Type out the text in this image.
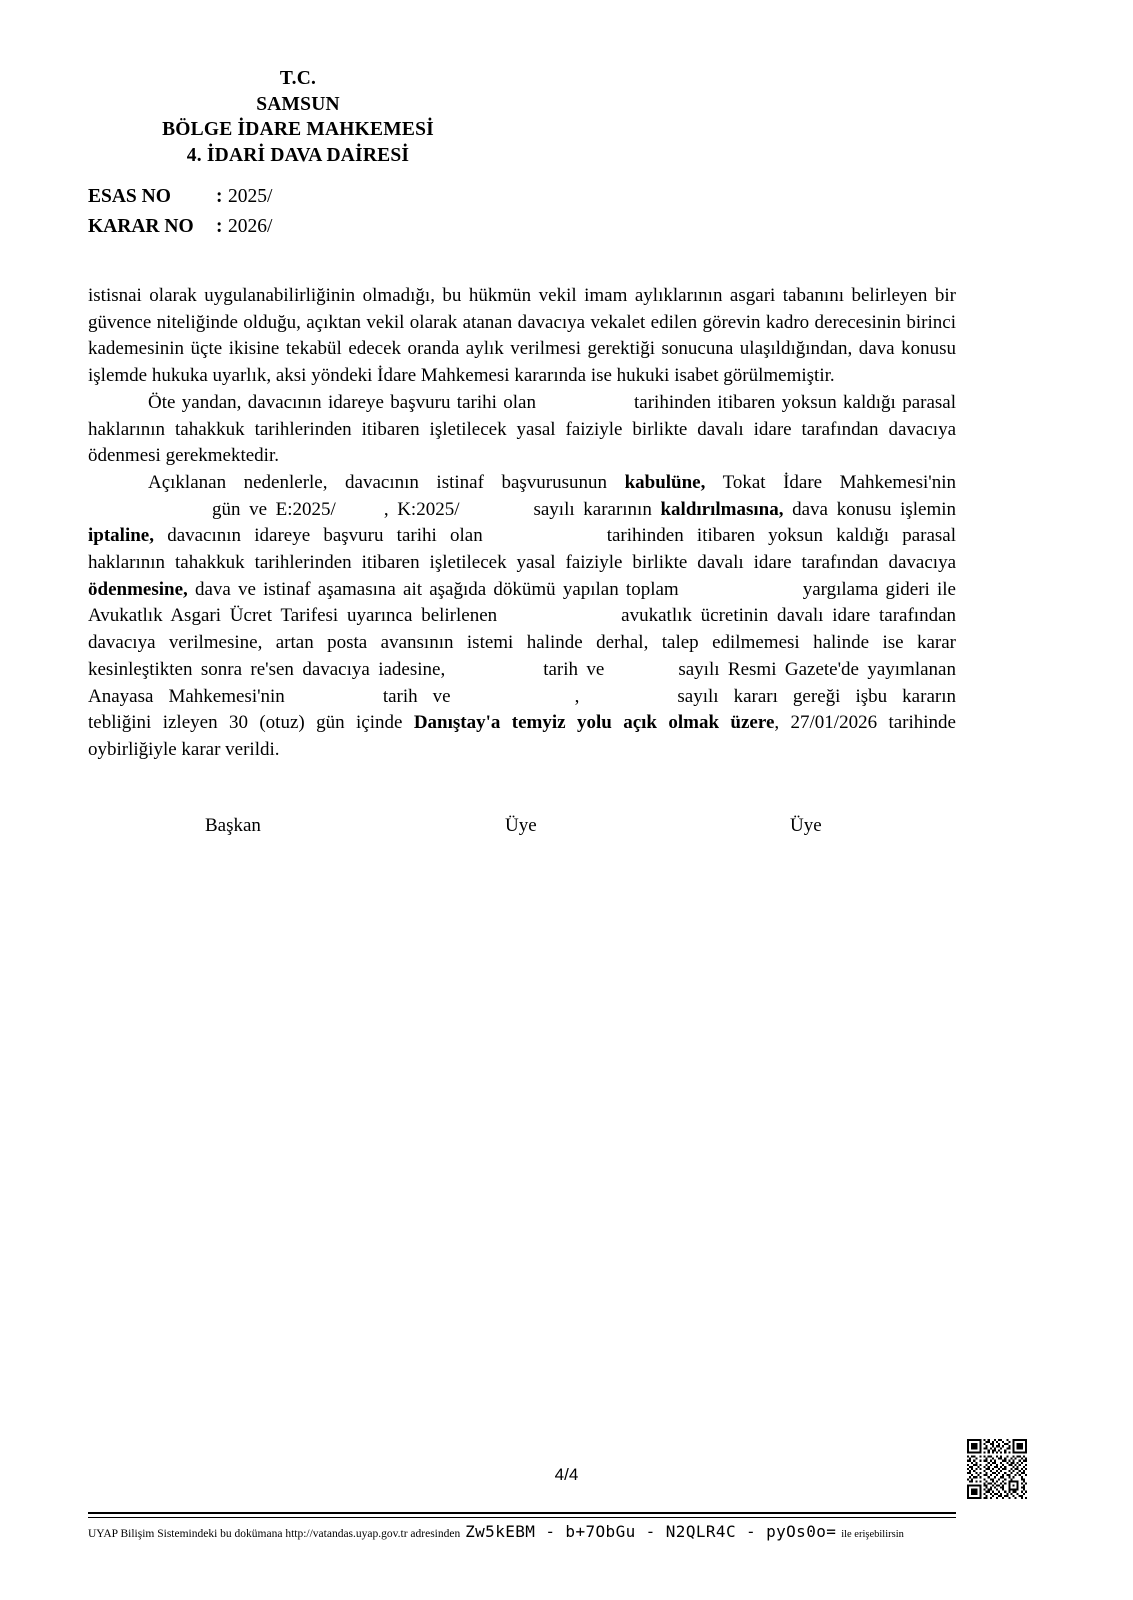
T.C.
SAMSUN
BÖLGE İDARE MAHKEMESİ
4. İDARİ DAVA DAİRESİ
ESAS NO	: 2025/
KARAR NO	: 2026/

istisnai olarak uygulanabilirliğinin olmadığı, bu hükmün vekil imam aylıklarının asgari tabanını belirleyen bir güvence niteliğinde olduğu, açıktan vekil olarak atanan davacıya vekalet edilen görevin kadro derecesinin birinci kademesinin üçte ikisine tekabül edecek oranda aylık verilmesi gerektiği sonucuna ulaşıldığından, dava konusu işlemde hukuka uyarlık, aksi yöndeki İdare Mahkemesi kararında ise hukuki isabet görülmemiştir.

Öte yandan, davacının idareye başvuru tarihi olan	tarihinden itibaren yoksun kaldığı parasal haklarının tahakkuk tarihlerinden itibaren işletilecek yasal faiziyle birlikte davalı idare tarafından davacıya ödenmesi gerekmektedir.

Açıklanan nedenlerle, davacının istinaf başvurusunun kabulüne, Tokat İdare Mahkemesi'ningün ve E:2025/	, K:2025/	sayılı kararının kaldırılmasına, dava konusu işlemin iptaline, davacının idareye başvuru tarihi olan	tarihinden itibaren yoksun kaldığı parasal haklarının tahakkuk tarihlerinden itibaren işletilecek yasal faiziyle birlikte davalı idare tarafından davacıya ödenmesine, dava ve istinaf aşamasına ait aşağıda dökümü yapılan toplam	yargılama gideri ile Avukatlık Asgari Ücret Tarifesi uyarınca belirlenen	avukatlık ücretinin davalı idare tarafından davacıya verilmesine, artan posta avansının istemi halinde derhal, talep edilmemesi halinde ise karar kesinleştikten sonra re'sen davacıya iadesine,	tarih ve	sayılı Resmi Gazete'de yayımlanan Anayasa Mahkemesi'nin	tarih ve	,	sayılı kararı gereği işbu kararın tebliğini izleyen 30 (otuz) gün içinde Danıştay'a temyiz yolu açık olmak üzere, 27/01/2026 tarihinde oybirliğiyle karar verildi.

Başkan	Üye	Üye
4/4
UYAP Bilişim Sistemindeki bu dokümana http://vatandas.uyap.gov.tr adresinden Zw5kEBM - b+7ObGu - N2QLR4C - pyOs0o= ile erişebilirsin
